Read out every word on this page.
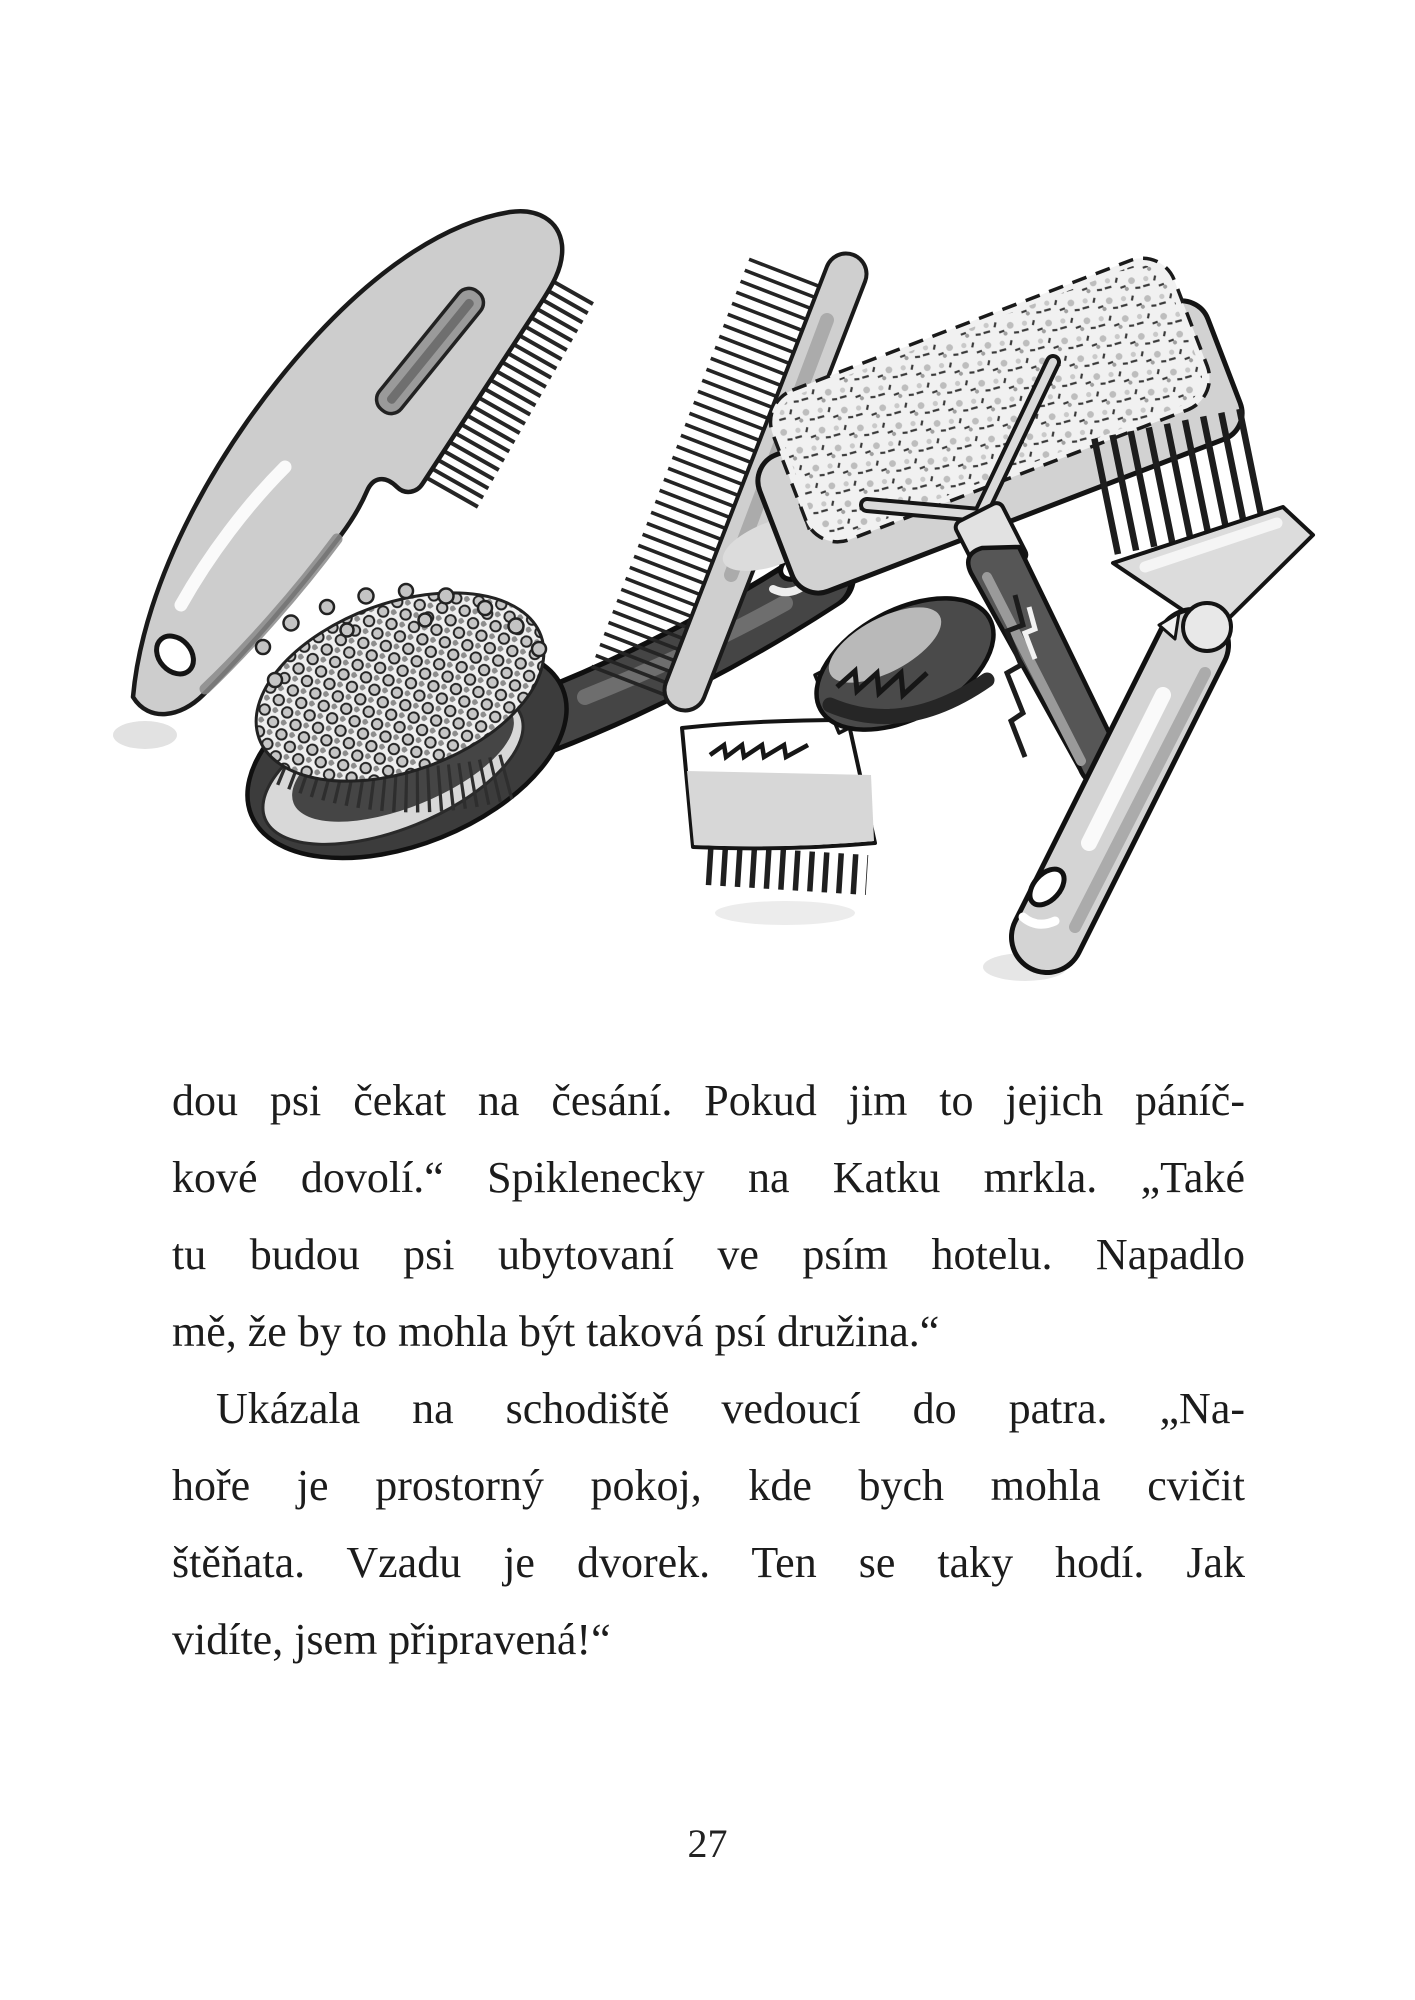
dou psi čekat na česání. Pokud jim to jejich páníč-

kové dovolí.“ Spiklenecky na Katku mrkla. „Také

tu budou psi ubytovaní ve psím hotelu. Napadlo

mě, že by to mohla být taková psí družina.“

Ukázala na schodiště vedoucí do patra. „Na-

hoře je prostorný pokoj, kde bych mohla cvičit

štěňata. Vzadu je dvorek. Ten se taky hodí. Jak

vidíte, jsem připravená!“

27
